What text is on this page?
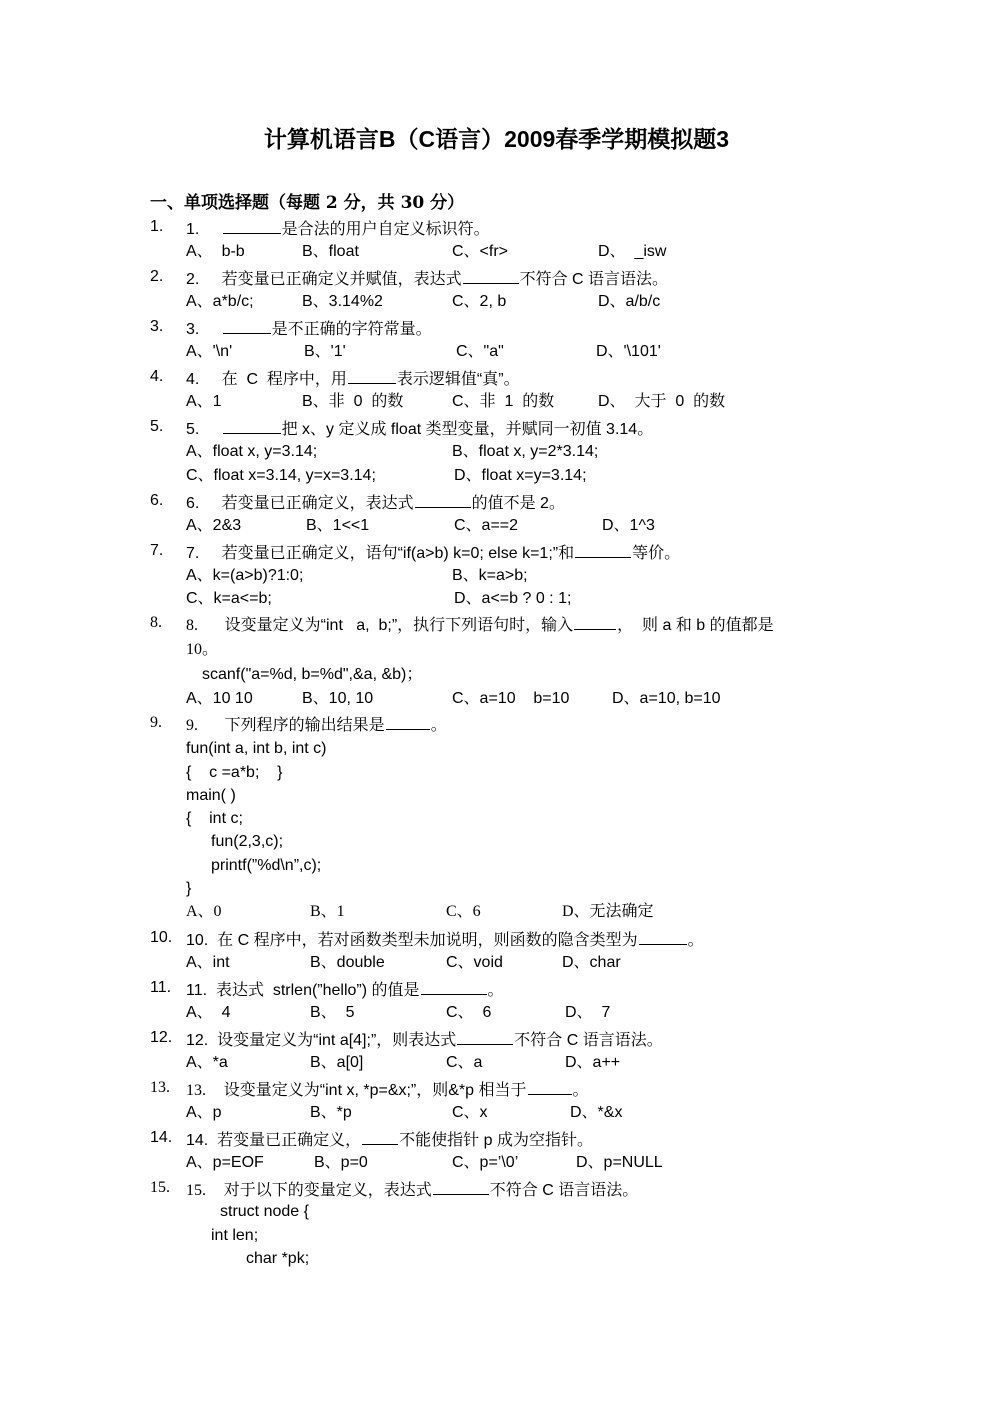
计算机语言B（C语言）2009春季学期模拟题3
一、单项选择题（每题 2 分，共 30 分）
1. 1.	是合法的用户自定义标识符。
A、  b-b	B、float	C、<fr>	D、  _isw
2. 2. 若变量已正确定义并赋值，表达式	不符合 C 语言语法。
A、a*b/c;	B、3.14%2	C、2, b	D、a/b/c
3. 3.	是不正确的字符常量。
A、'\n'	B、'1'	C、"a"	D、'\101'
4. 4. 在  C  程序中，用	表示逻辑值“真”。
A、1	B、非  0  的数	C、非  1  的数	D、  大于  0  的数
5. 5.	把 x、y 定义成 float 类型变量，并赋同一初值 3.14。
A、float x, y=3.14;	B、float x, y=2*3.14;
C、float x=3.14, y=x=3.14;	D、float x=y=3.14;
6. 6. 若变量已正确定义，表达式	的值不是 2。
A、2&3	B、1<<1	C、a==2	D、1^3
7. 7. 若变量已正确定义，语句“if(a>b) k=0; else k=1;”和	等价。
A、k=(a>b)?1:0;	B、k=a>b;
C、k=a<=b;	D、a<=b ? 0 : 1;
8. 8. 设变量定义为“int   a,  b;”，执行下列语句时，输入	，  则 a 和 b 的值都是
10。
scanf("a=%d, b=%d",&a, &b)；
A、10 10	B、10, 10	C、a=10    b=10	D、a=10, b=10
9. 9. 下列程序的输出结果是	。
fun(int a, int b, int c)
{    c =a*b;    }
main( )
{    int c;
fun(2,3,c);
printf(”%d\n”,c);
}
A、0	B、1	C、6	D、无法确定
10. 10. 在 C 程序中，若对函数类型未加说明，则函数的隐含类型为	。
A、int	B、double	C、void	D、char
11. 11. 表达式  strlen(”hello”) 的值是	。
A、  4	B、  5	C、  6	D、  7
12. 12. 设变量定义为“int a[4];”，则表达式	不符合 C 语言语法。
A、*a	B、a[0]	C、a	D、a++
13. 13. 设变量定义为“int x, *p=&x;”，则&*p 相当于	。
A、p	B、*p	C、x	D、*&x
14. 14. 若变量已正确定义， 不能使指针 p 成为空指针。
A、p=EOF	B、p=0	C、p=’\0’	D、p=NULL
15. 15. 对于以下的变量定义，表达式	不符合 C 语言语法。
struct node {
int len;
char *pk;
